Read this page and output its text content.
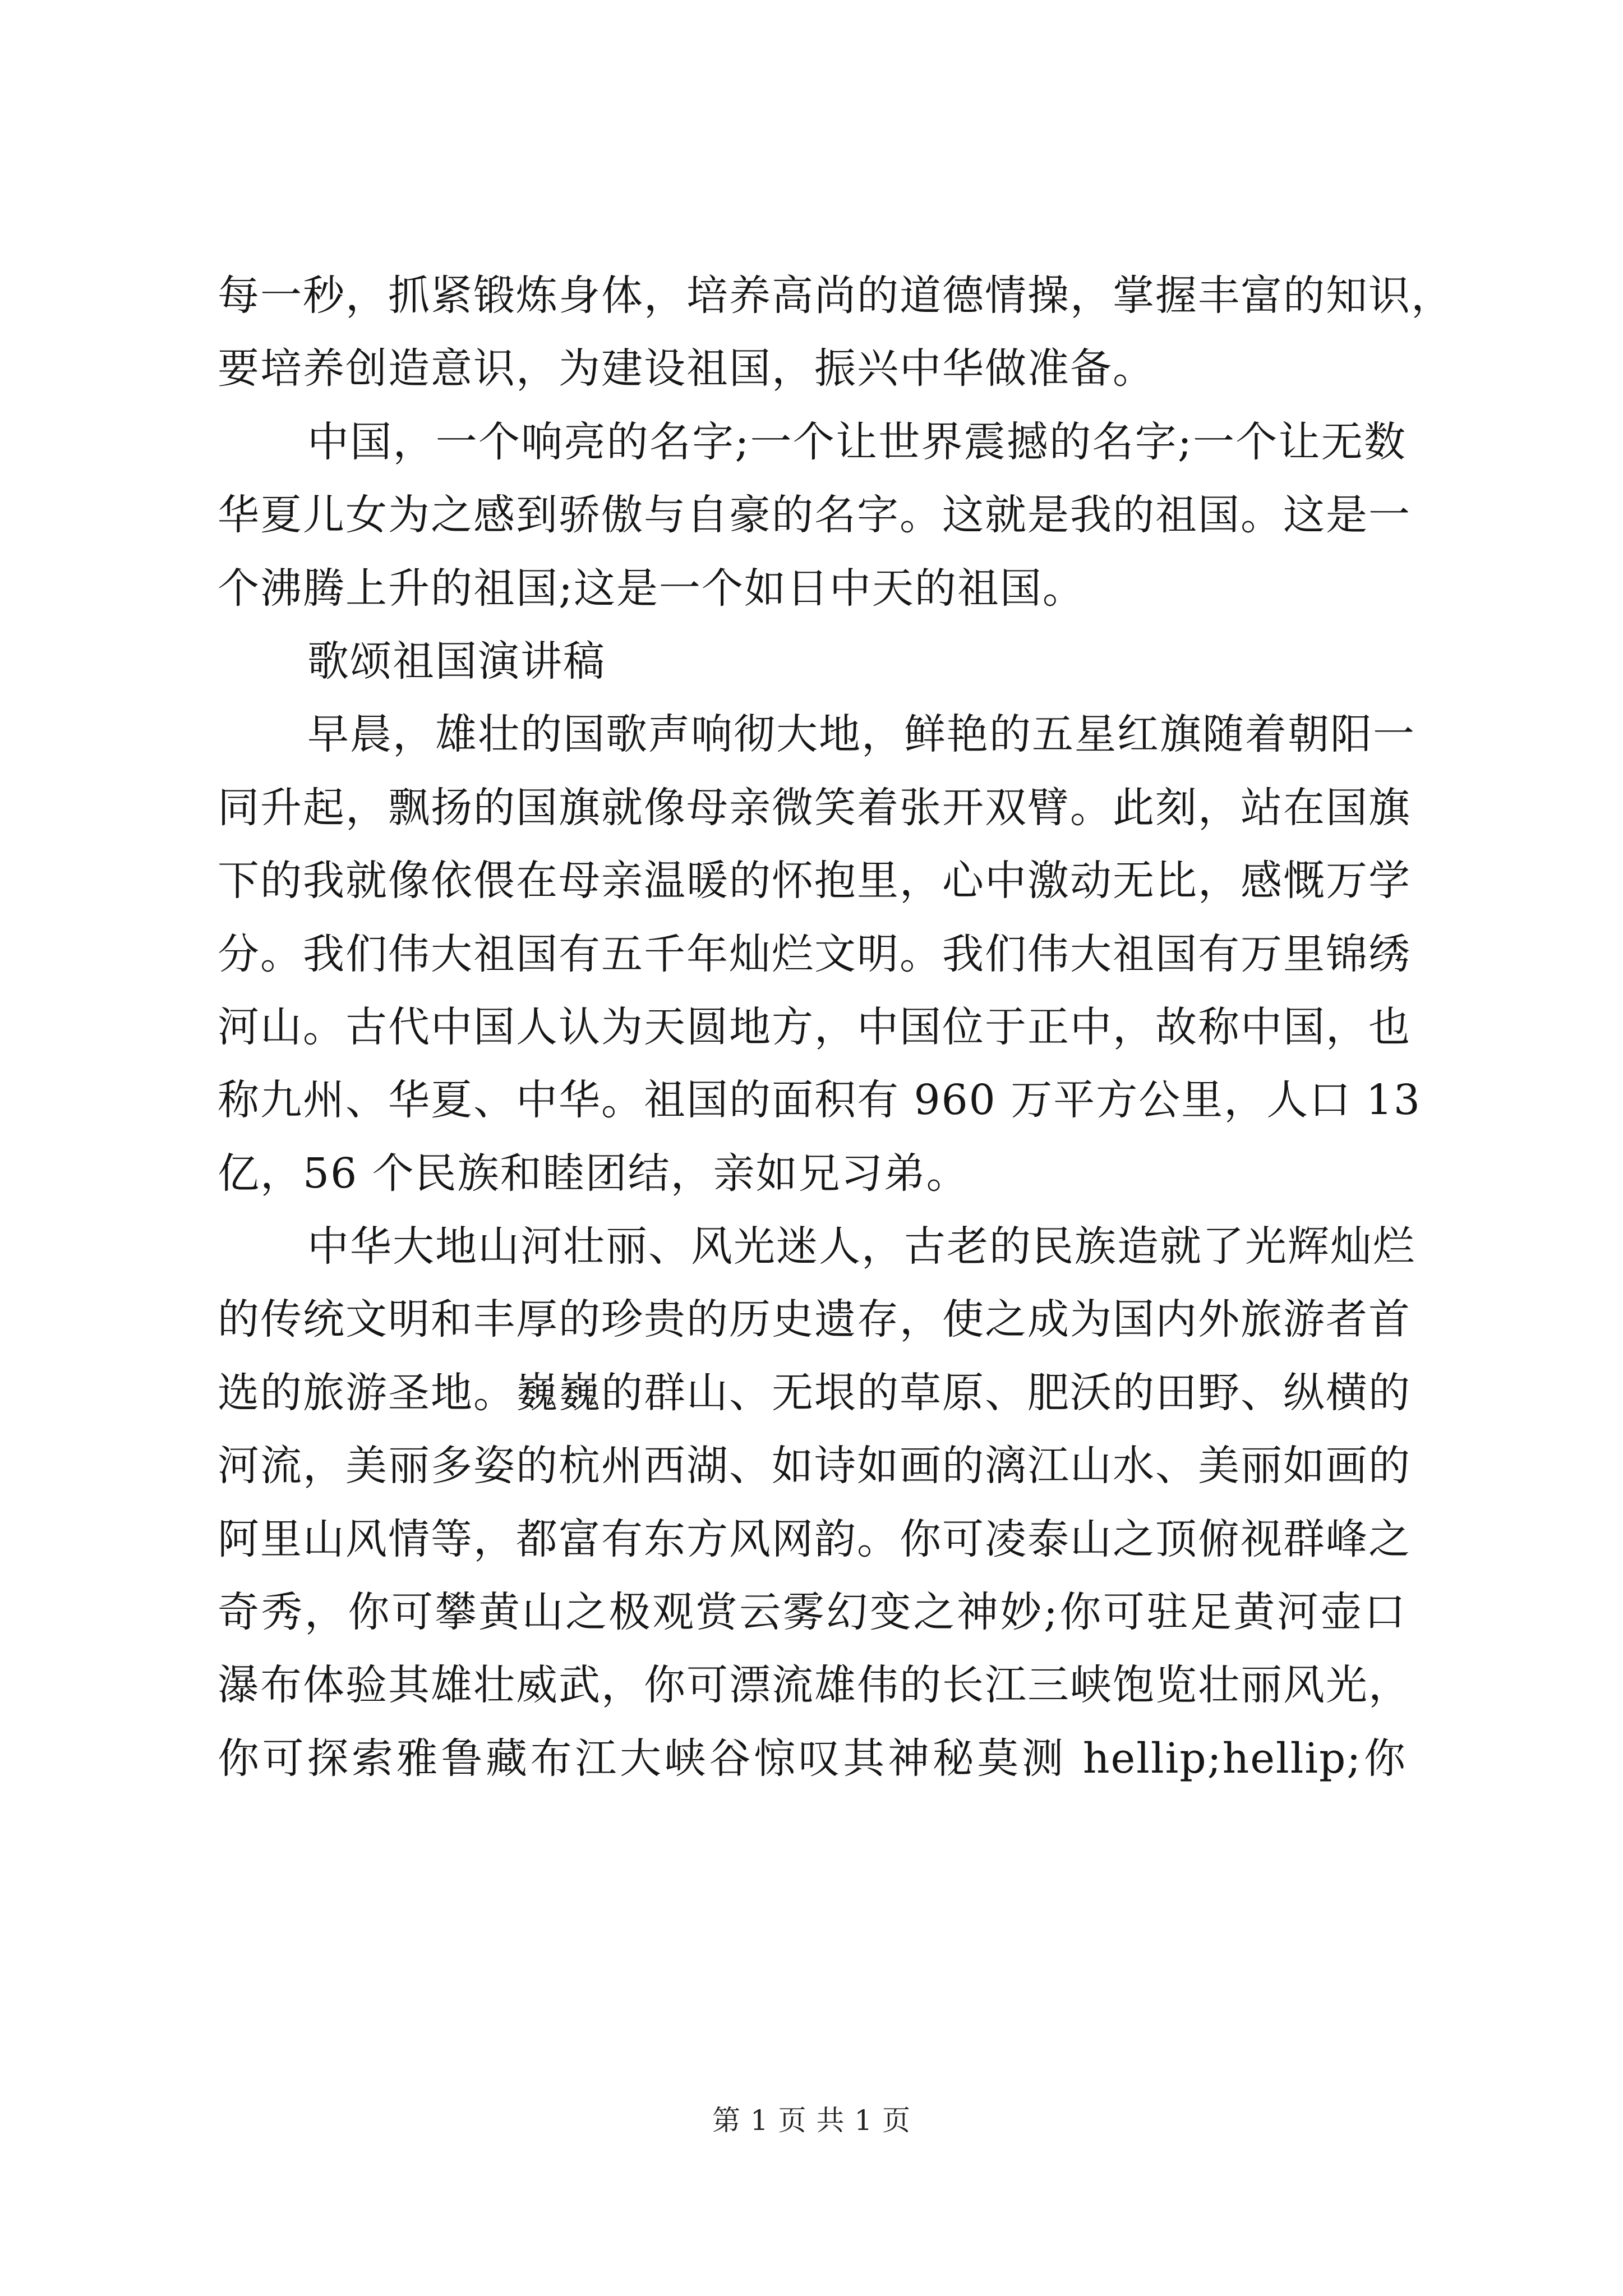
每一秒，抓紧锻炼身体，培养高尚的道德情操，掌握丰富的知识，
要培养创造意识，为建设祖国，振兴中华做准备。
中国，一个响亮的名字;一个让世界震撼的名字;一个让无数
华夏儿女为之感到骄傲与自豪的名字。这就是我的祖国。这是一
个沸腾上升的祖国;这是一个如日中天的祖国。
歌颂祖国演讲稿
早晨，雄壮的国歌声响彻大地，鲜艳的五星红旗随着朝阳一
同升起，飘扬的国旗就像母亲微笑着张开双臂。此刻，站在国旗
下的我就像依偎在母亲温暖的怀抱里，心中激动无比，感慨万学
分。我们伟大祖国有五千年灿烂文明。我们伟大祖国有万里锦绣
河山。古代中国人认为天圆地方，中国位于正中，故称中国，也
称九州、华夏、中华。祖国的面积有 960 万平方公里，人口 13
亿，56 个民族和睦团结，亲如兄习弟。
中华大地山河壮丽、风光迷人，古老的民族造就了光辉灿烂
的传统文明和丰厚的珍贵的历史遗存，使之成为国内外旅游者首
选的旅游圣地。巍巍的群山、无垠的草原、肥沃的田野、纵横的
河流，美丽多姿的杭州西湖、如诗如画的漓江山水、美丽如画的
阿里山风情等，都富有东方风网韵。你可凌泰山之顶俯视群峰之
奇秀，你可攀黄山之极观赏云雾幻变之神妙;你可驻足黄河壶口
瀑布体验其雄壮威武，你可漂流雄伟的长江三峡饱览壮丽风光，
你可探索雅鲁藏布江大峡谷惊叹其神秘莫测 hellip;hellip;你
第 1 页 共 1 页
